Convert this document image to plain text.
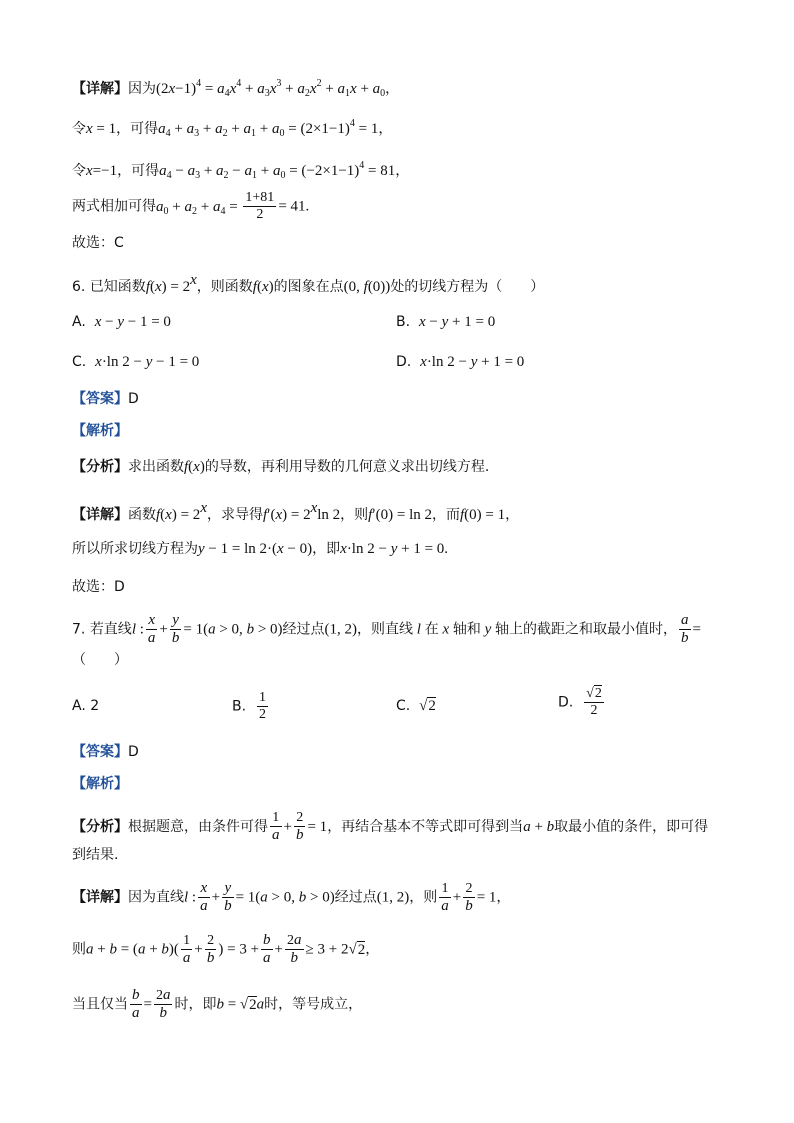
【详解】因为$(2x-1)^4 = a_4x^4 + a_3x^3 + a_2x^2 + a_1x + a_0$，
令x = 1，可得$a_4 + a_3 + a_2 + a_1 + a_0 = (2\times 1-1)^4 = 1$，
令x=−1，可得$a_4 - a_3 + a_2 - a_1 + a_0 = (-2\times 1-1)^4 = 81$，
两式相加可得$a_0 + a_2 + a_4 = \frac{1+81}{2} = 41$.
故选：C
6. 已知函数$f(x) = 2^x$，则函数f(x)的图象在点(0, f(0))处的切线方程为（　　）
A. x − y − 1 = 0	B. x − y + 1 = 0
C. x·ln 2 − y − 1 = 0	D. x·ln 2 − y + 1 = 0
【答案】D
【解析】
【分析】求出函数f(x)的导数，再利用导数的几何意义求出切线方程.
【详解】函数$f(x) = 2^x$，求导得$f'(x) = 2^x\ln$ 2，则f′(0) = ln 2，而f(0) = 1，
所以所求切线方程为y − 1 = ln 2·(x − 0)，即x·ln 2 − y + 1 = 0.
故选：D
7. 若直线l : $\frac{x}{a} + \frac{y}{b} = 1(a > 0$, b > 0)经过点(1, 2)，则直线 l 在 x 轴和 y 轴上的截距之和取最小值时， $\frac{a}{b}$ =
（　　）
A. 2	B. $\frac{1}{2}$	C. √2	D. $\frac{√2}{2}$
【答案】D
【解析】
【分析】根据题意，由条件可得 $\frac{1}{a} + \frac{2}{b} = 1$，再结合基本不等式即可得到当a + b取最小值的条件，即可得
到结果.
【详解】因为直线l : $\frac{x}{a} + \frac{y}{b} = 1(a > 0$, b > 0)经过点(1, 2)，则 $\frac{1}{a} + \frac{2}{b} = 1$，
则$a + b = (a + b)( \frac{1}{a} + \frac{2}{b}$ ) = $3 + \frac{b}{a} + \frac{2a}{b} \ge 3 + 2√2$，
当且仅当 $\frac{b}{a} = \frac{2a}{b}$ 时，即b = √2a时，等号成立，
